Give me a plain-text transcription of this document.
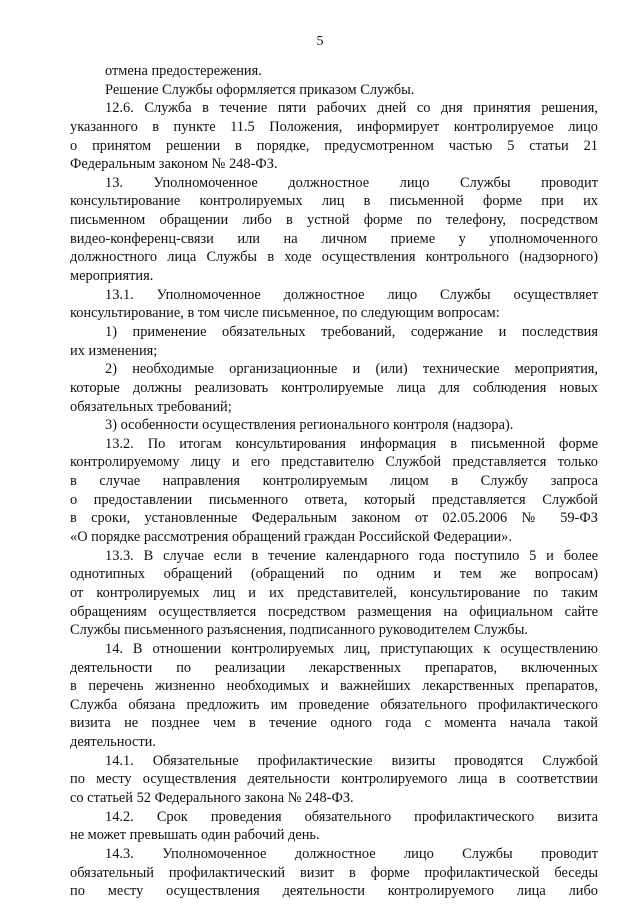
5
отмена предостережения.
Решение Службы оформляется приказом Службы.
12.6. Служба в течение пяти рабочих дней со дня принятия решения,
указанного в пункте 11.5 Положения, информирует контролируемое лицо
о принятом решении в порядке, предусмотренном частью 5 статьи 21
Федеральным законом № 248-ФЗ.
13. Уполномоченное должностное лицо Службы проводит
консультирование контролируемых лиц в письменной форме при их
письменном обращении либо в устной форме по телефону, посредством
видео-конференц-связи или на личном приеме у уполномоченного
должностного лица Службы в ходе осуществления контрольного (надзорного)
мероприятия.
13.1. Уполномоченное должностное лицо Службы осуществляет
консультирование, в том числе письменное, по следующим вопросам:
1) применение обязательных требований, содержание и последствия
их изменения;
2) необходимые организационные и (или) технические мероприятия,
которые должны реализовать контролируемые лица для соблюдения новых
обязательных требований;
3) особенности осуществления регионального контроля (надзора).
13.2. По итогам консультирования информация в письменной форме
контролируемому лицу и его представителю Службой представляется только
в случае направления контролируемым лицом в Службу запроса
о предоставлении письменного ответа, который представляется Службой
в сроки, установленные Федеральным законом от 02.05.2006 № 59-ФЗ
«О порядке рассмотрения обращений граждан Российской Федерации».
13.3. В случае если в течение календарного года поступило 5 и более
однотипных обращений (обращений по одним и тем же вопросам)
от контролируемых лиц и их представителей, консультирование по таким
обращениям осуществляется посредством размещения на официальном сайте
Службы письменного разъяснения, подписанного руководителем Службы.
14. В отношении контролируемых лиц, приступающих к осуществлению
деятельности по реализации лекарственных препаратов, включенных
в перечень жизненно необходимых и важнейших лекарственных препаратов,
Служба обязана предложить им проведение обязательного профилактического
визита не позднее чем в течение одного года с момента начала такой
деятельности.
14.1. Обязательные профилактические визиты проводятся Службой
по месту осуществления деятельности контролируемого лица в соответствии
со статьей 52 Федерального закона № 248-ФЗ.
14.2. Срок проведения обязательного профилактического визита
не может превышать один рабочий день.
14.3. Уполномоченное должностное лицо Службы проводит
обязательный профилактический визит в форме профилактической беседы
по месту осуществления деятельности контролируемого лица либо
